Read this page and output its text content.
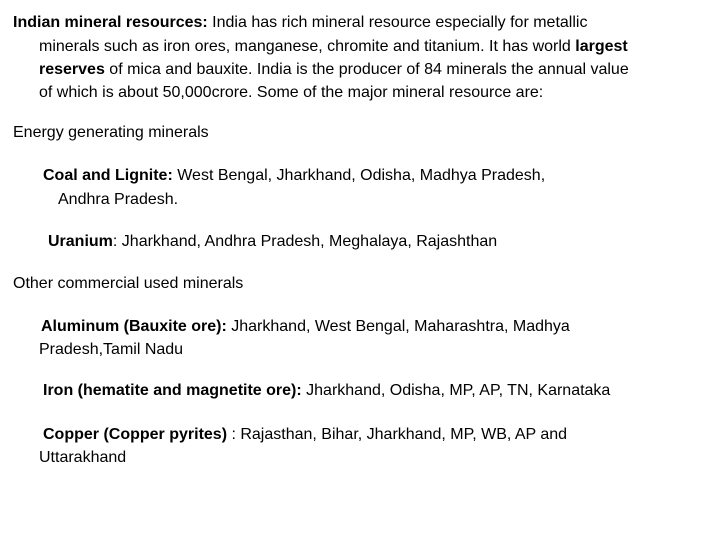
Indian mineral resources: India has rich mineral resource especially for metallic
minerals such as iron ores, manganese, chromite and titanium. It has world largest
reserves of mica and bauxite. India is the producer of 84 minerals the annual value
of which is about 50,000crore. Some of the major mineral resource are:
Energy generating minerals
Coal and Lignite: West Bengal, Jharkhand, Odisha, Madhya Pradesh,
Andhra Pradesh.
Uranium: Jharkhand, Andhra Pradesh, Meghalaya, Rajashthan
Other commercial used minerals
Aluminum (Bauxite ore): Jharkhand, West Bengal, Maharashtra, Madhya
Pradesh,Tamil Nadu
Iron (hematite and magnetite ore): Jharkhand, Odisha, MP, AP, TN, Karnataka
Copper (Copper pyrites) : Rajasthan, Bihar, Jharkhand, MP, WB, AP and
Uttarakhand
